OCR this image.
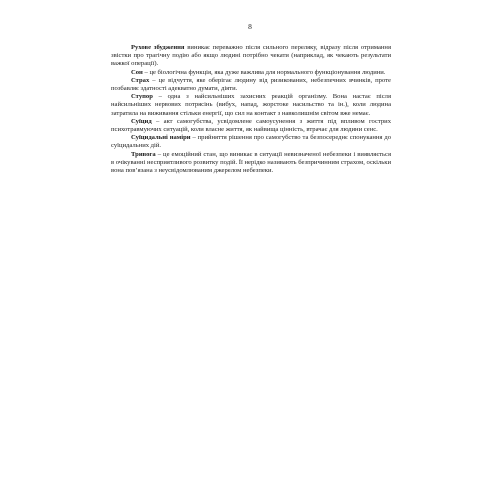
8

Рухове збудження виникає переважно після сильного переляку, відразу після отримання звістки про трагічну подію або якщо людині потрібно чекати (наприклад, як чекають результати важкої операції).

Сон – це біологічна функція, яка дуже важлива для нормального функціонування людини.

Страх – це відчуття, яке оберігає людину від ризикованих, небезпечних вчинків, проте позбавляє здатності адекватно думати, діяти.

Ступор – одна з найсильніших захисних реакцій організму. Вона настає після найсильніших нервових потрясінь (вибух, напад, жорстоке насильство та ін.), коли людина затратила на виживання стільки енергії, що сил на контакт з навколишнім світом вже немає.

Суїцид – акт самогубства, усвідомлене самоусунення з життя під впливом гострих психотравмуючих ситуацій, коли власне життя, як найвища цінність, втрачає для людини сенс.

Суїцидальні наміри – прийняття рішення про самогубство та безпосереднє спонукання до суїцидальних дій.

Тривога – це емоційний стан, що виникає в ситуації невизначеної небезпеки і виявляється в очікуванні несприятливого розвитку подій. Її нерідко називають безпричинним страхом, оскільки вона пов’язана з неусвідомлюваним джерелом небезпеки.
